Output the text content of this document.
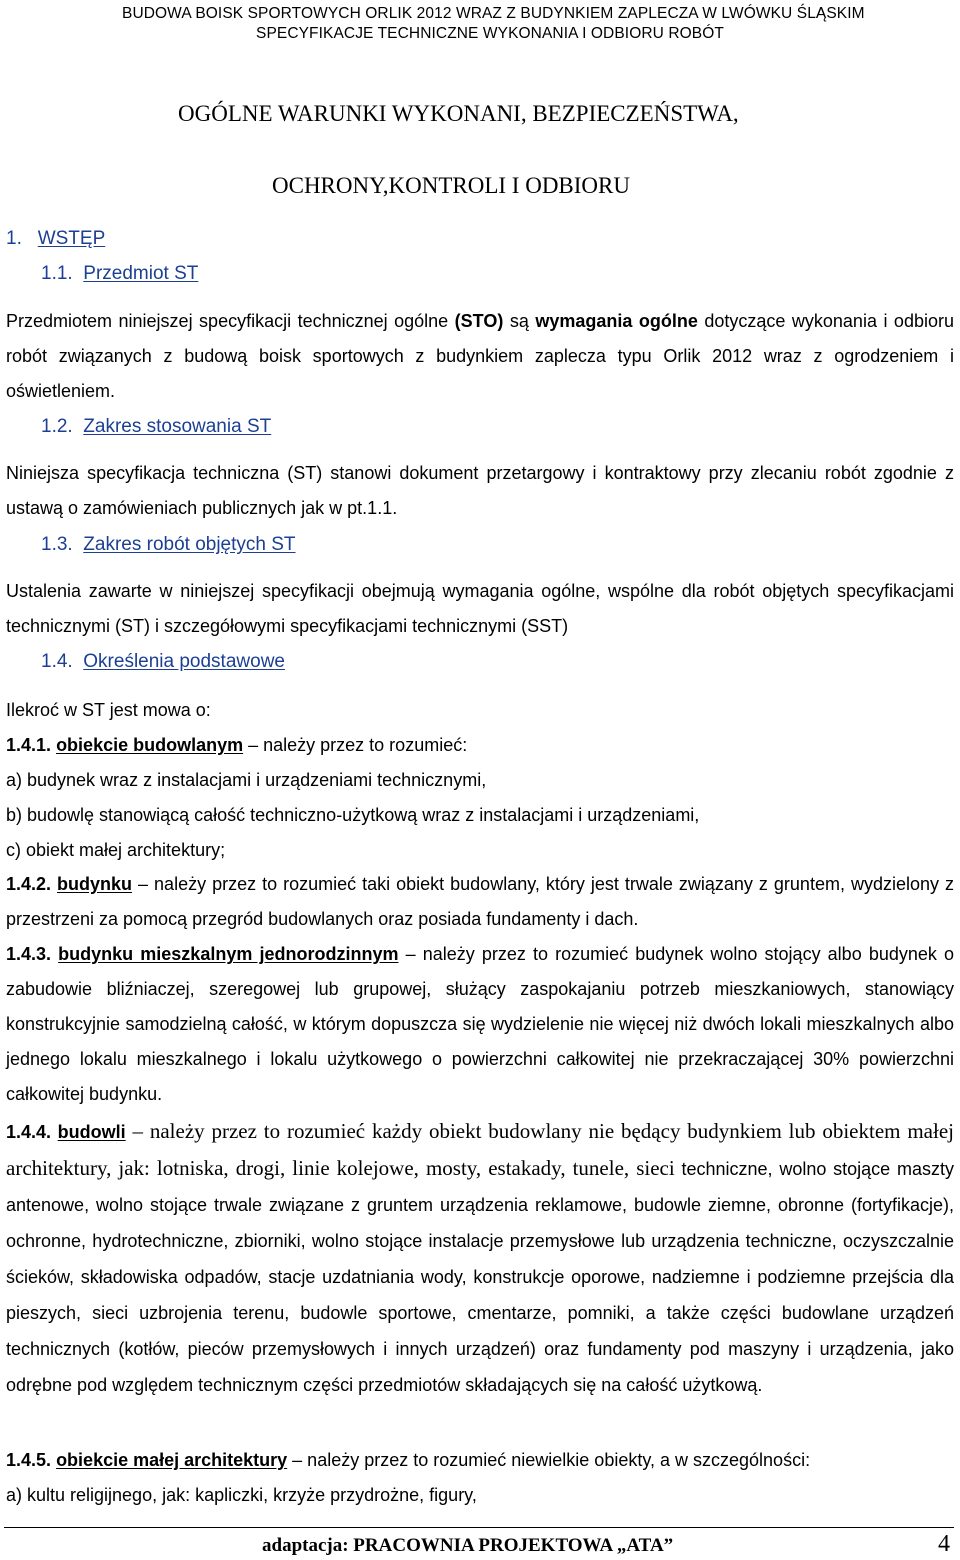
BUDOWA BOISK SPORTOWYCH ORLIK 2012 WRAZ Z BUDYNKIEM ZAPLECZA W LWÓWKU ŚLĄSKIM
SPECYFIKACJE TECHNICZNE WYKONANIA I ODBIORU ROBÓT
OGÓLNE WARUNKI WYKONANI, BEZPIECZEŃSTWA,
OCHRONY,KONTROLI I ODBIORU
1. WSTĘP
1.1. Przedmiot ST
Przedmiotem niniejszej specyfikacji technicznej ogólne (STO) są wymagania ogólne dotyczące wykonania i odbioru robót związanych z budową boisk sportowych z budynkiem zaplecza typu Orlik 2012 wraz z ogrodzeniem i oświetleniem.
1.2. Zakres stosowania ST
Niniejsza specyfikacja techniczna (ST) stanowi dokument przetargowy i kontraktowy przy zlecaniu robót zgodnie z ustawą o zamówieniach publicznych jak w pt.1.1.
1.3. Zakres robót objętych ST
Ustalenia zawarte w niniejszej specyfikacji obejmują wymagania ogólne, wspólne dla robót objętych specyfikacjami technicznymi (ST) i szczegółowymi specyfikacjami technicznymi (SST)
1.4. Określenia podstawowe
Ilekroć w ST jest mowa o:
1.4.1. obiekcie budowlanym – należy przez to rozumieć:
a) budynek wraz z instalacjami i urządzeniami technicznymi,
b) budowlę stanowiącą całość techniczno-użytkową wraz z instalacjami i urządzeniami,
c) obiekt małej architektury;
1.4.2. budynku – należy przez to rozumieć taki obiekt budowlany, który jest trwale związany z gruntem, wydzielony z przestrzeni za pomocą przegród budowlanych oraz posiada fundamenty i dach.
1.4.3. budynku mieszkalnym jednorodzinnym – należy przez to rozumieć budynek wolno stojący albo budynek o zabudowie bliźniaczej, szeregowej lub grupowej, służący zaspokajaniu potrzeb mieszkaniowych, stanowiący konstrukcyjnie samodzielną całość, w którym dopuszcza się wydzielenie nie więcej niż dwóch lokali mieszkalnych albo jednego lokalu mieszkalnego i lokalu użytkowego o powierzchni całkowitej nie przekraczającej 30% powierzchni całkowitej budynku.
1.4.4. budowli – należy przez to rozumieć każdy obiekt budowlany nie będący budynkiem lub obiektem małej architektury, jak: lotniska, drogi, linie kolejowe, mosty, estakady, tunele, sieci techniczne, wolno stojące maszty antenowe, wolno stojące trwale związane z gruntem urządzenia reklamowe, budowle ziemne, obronne (fortyfikacje), ochronne, hydrotechniczne, zbiorniki, wolno stojące instalacje przemysłowe lub urządzenia techniczne, oczyszczalnie ścieków, składowiska odpadów, stacje uzdatniania wody, konstrukcje oporowe, nadziemne i podziemne przejścia dla pieszych, sieci uzbrojenia terenu, budowle sportowe, cmentarze, pomniki, a także części budowlane urządzeń technicznych (kotłów, pieców przemysłowych i innych urządzeń) oraz fundamenty pod maszyny i urządzenia, jako odrębne pod względem technicznym części przedmiotów składających się na całość użytkową.
1.4.5. obiekcie małej architektury – należy przez to rozumieć niewielkie obiekty, a w szczególności:
a) kultu religijnego, jak: kapliczki, krzyże przydrożne, figury,
adaptacja: PRACOWNIA PROJEKTOWA „ATA”	4
